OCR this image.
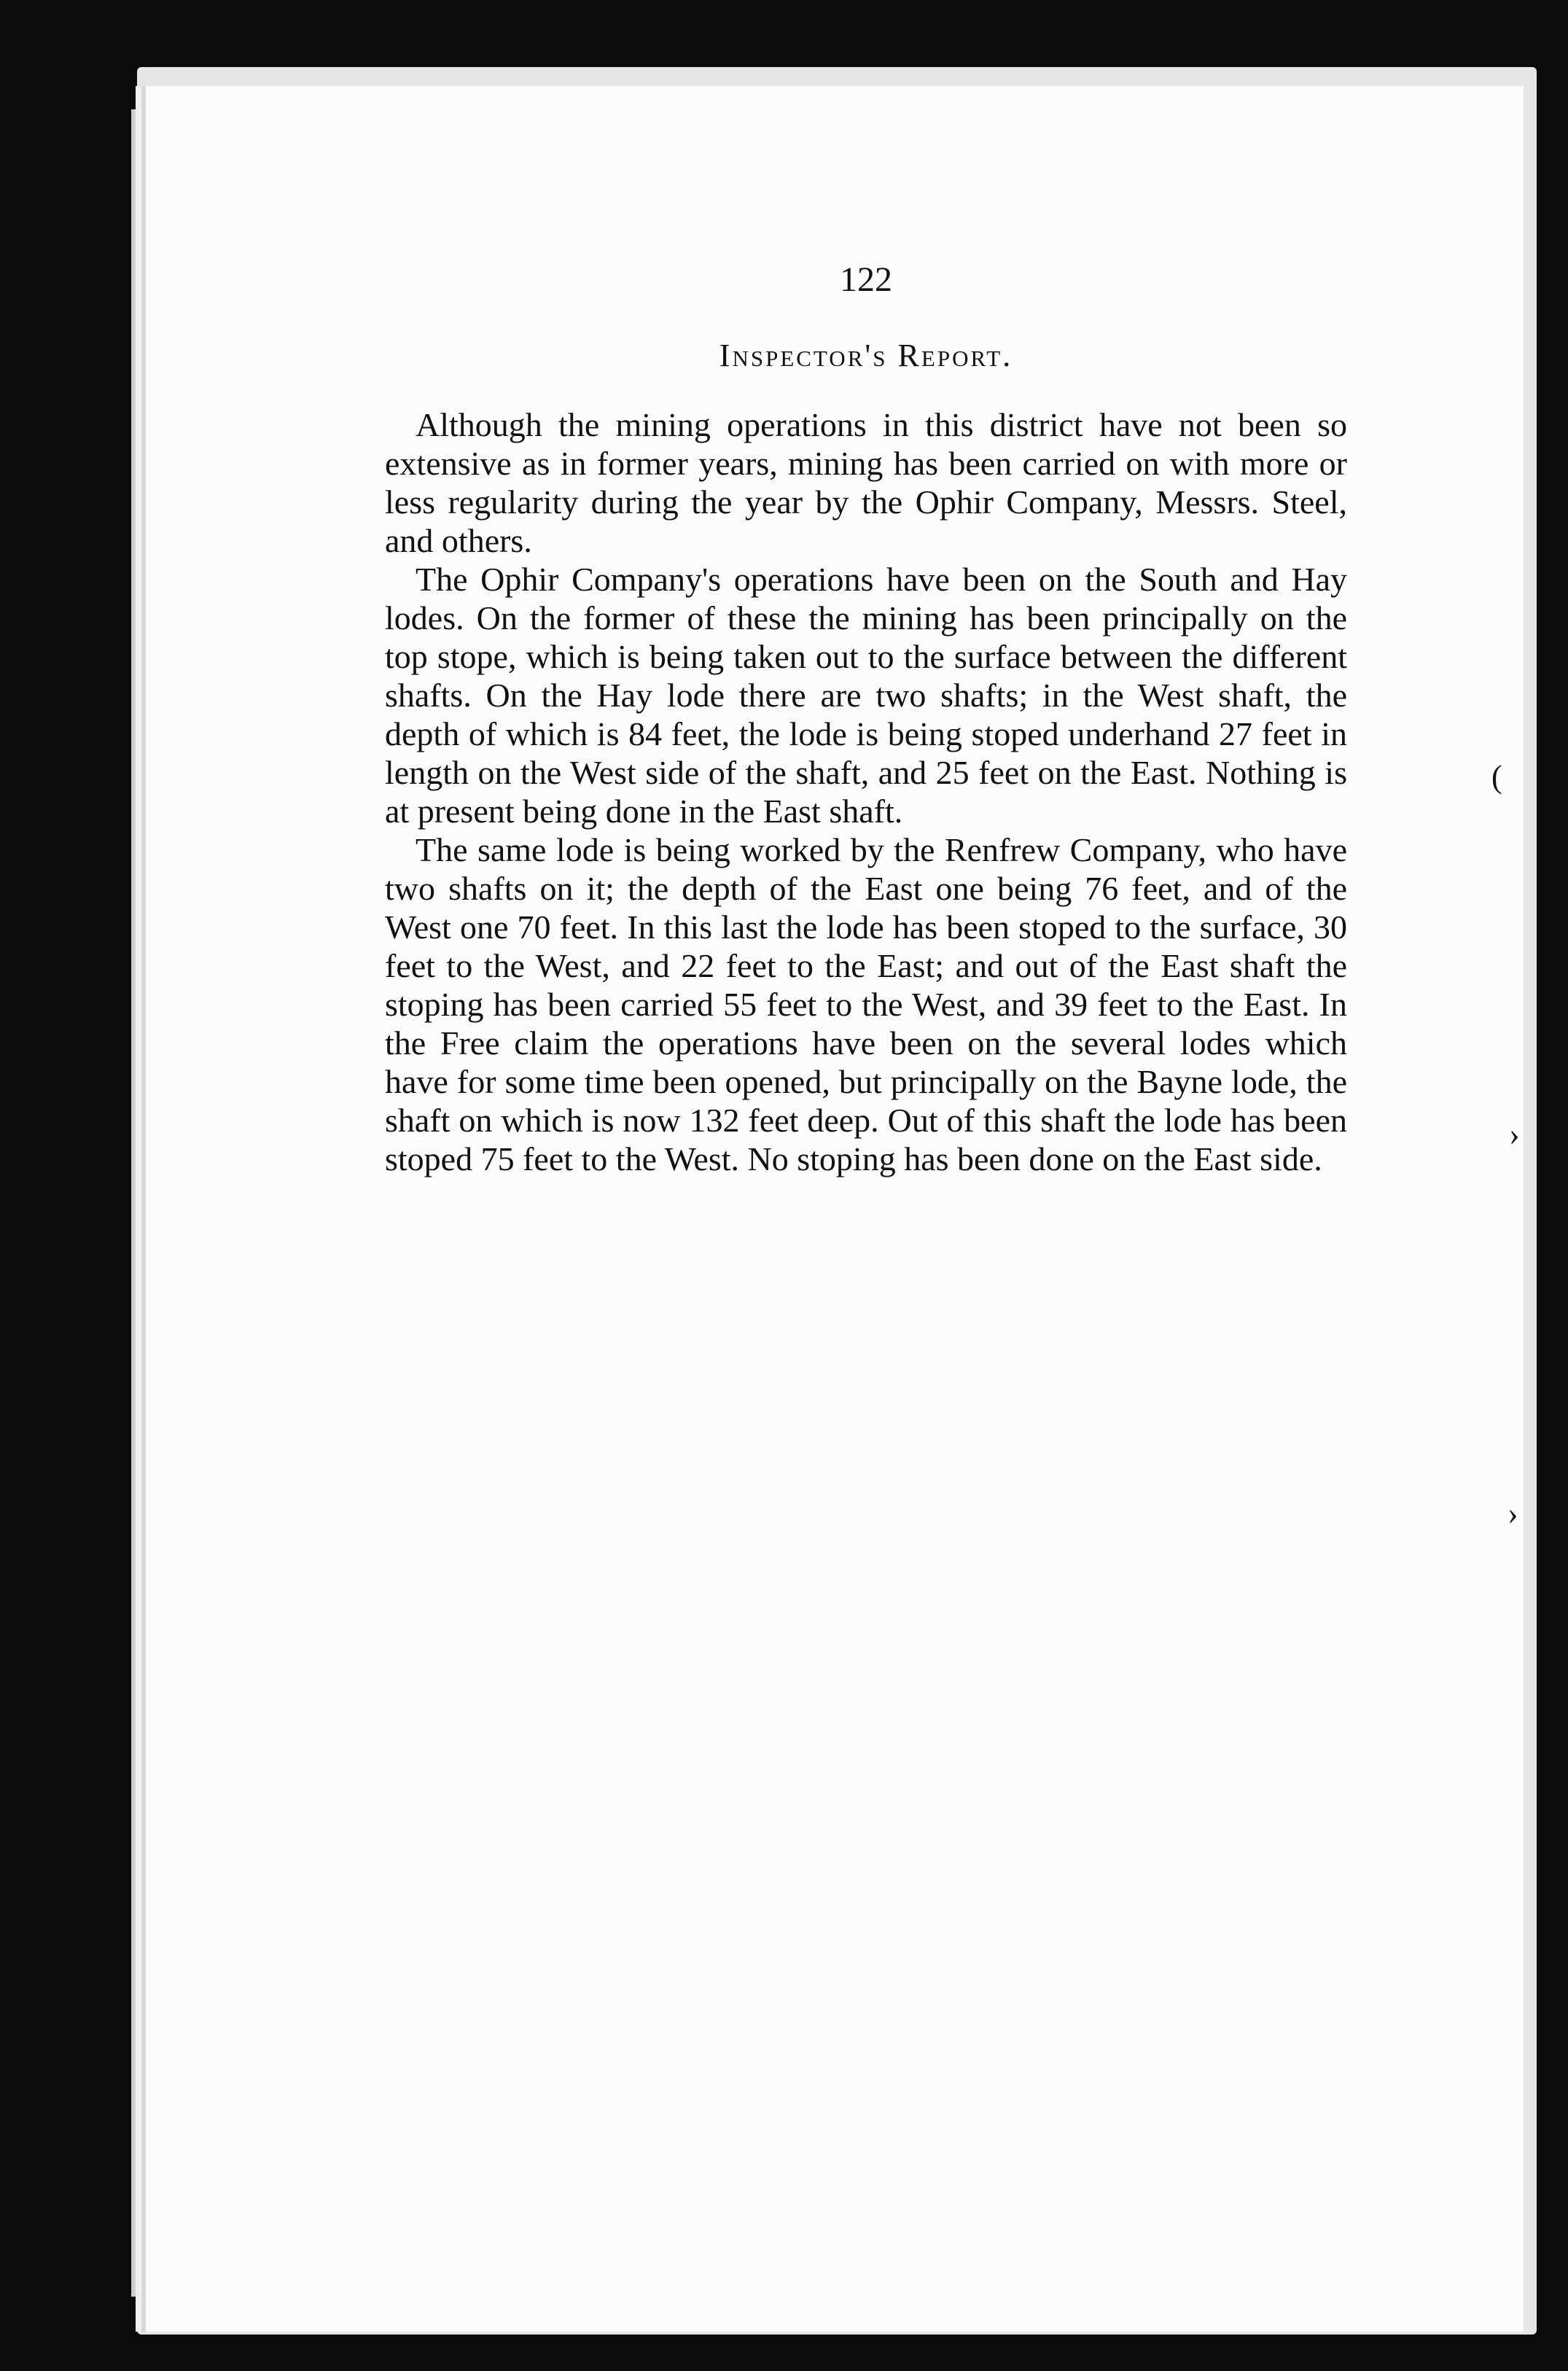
122
Inspector's Report.

Although the mining operations in this district have not been so extensive as in former years, mining has been carried on with more or less regularity during the year by the Ophir Company, Messrs. Steel, and others.

The Ophir Company's operations have been on the South and Hay lodes. On the former of these the mining has been principally on the top stope, which is being taken out to the surface between the different shafts. On the Hay lode there are two shafts; in the West shaft, the depth of which is 84 feet, the lode is being stoped underhand 27 feet in length on the West side of the shaft, and 25 feet on the East. Nothing is at present being done in the East shaft.

The same lode is being worked by the Renfrew Company, who have two shafts on it; the depth of the East one being 76 feet, and of the West one 70 feet. In this last the lode has been stoped to the surface, 30 feet to the West, and 22 feet to the East; and out of the East shaft the stoping has been carried 55 feet to the West, and 39 feet to the East. In the Free claim the operations have been on the several lodes which have for some time been opened, but principally on the Bayne lode, the shaft on which is now 132 feet deep. Out of this shaft the lode has been stoped 75 feet to the West. No stoping has been done on the East side.

(
›
›
